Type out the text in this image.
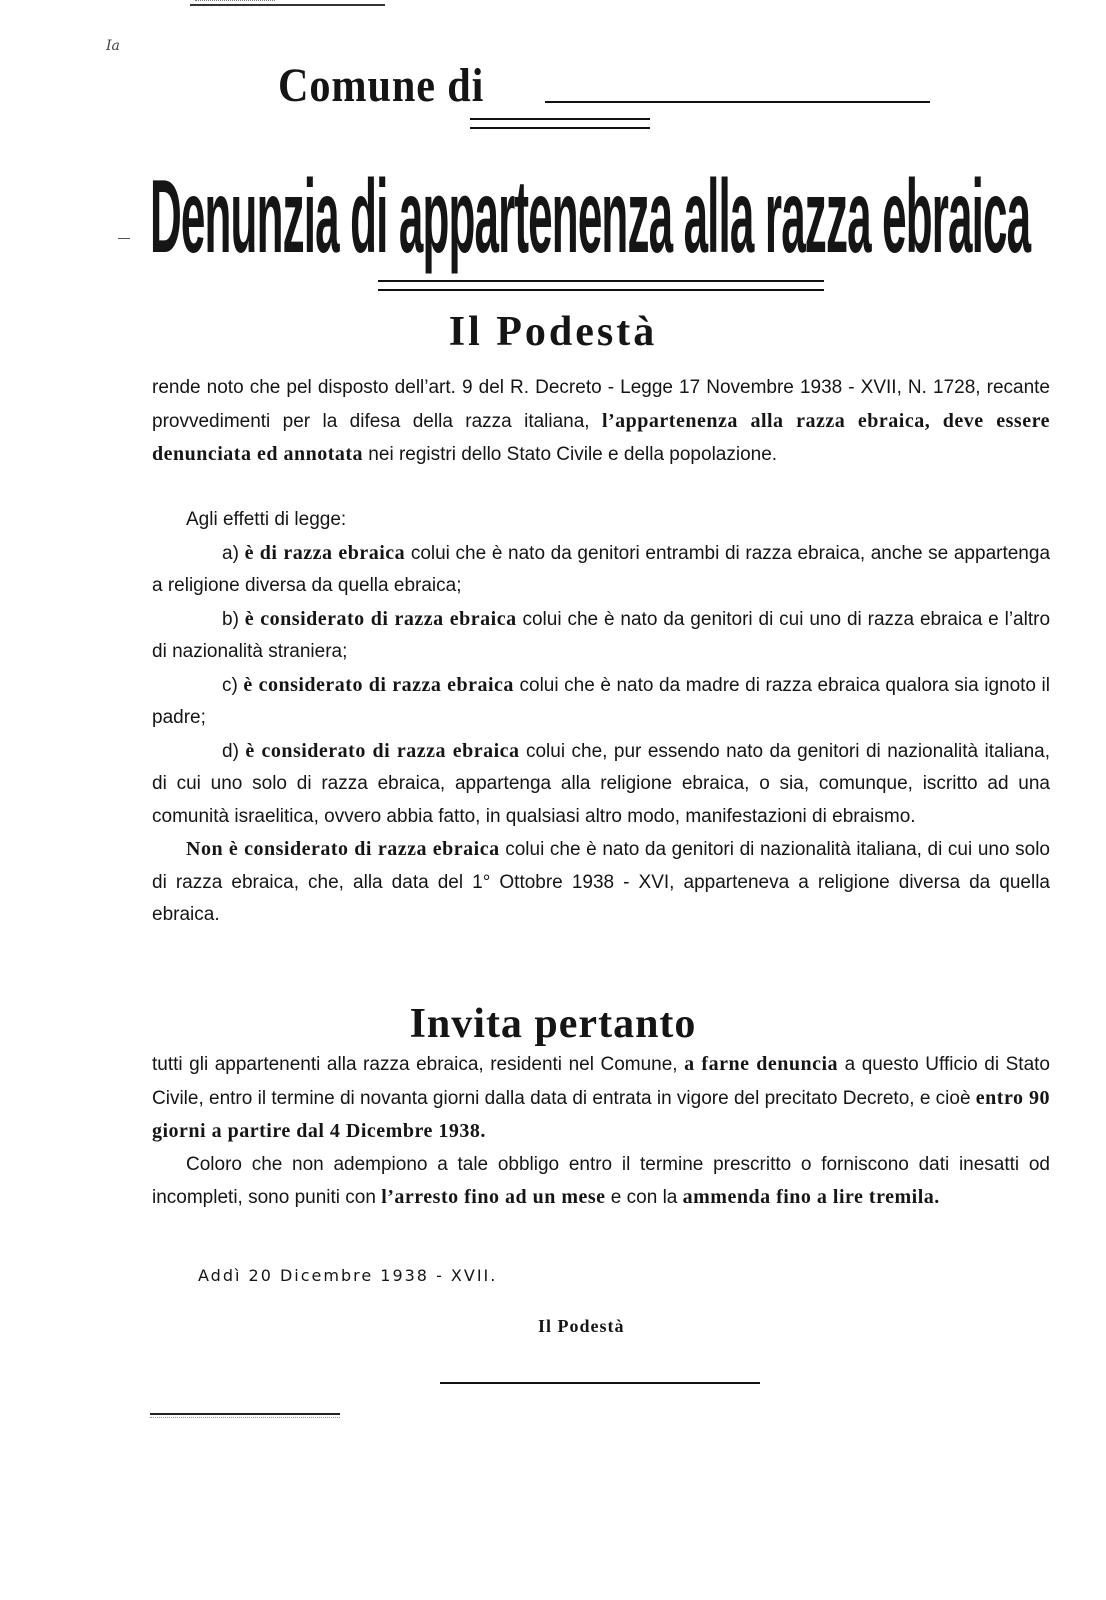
Ia
Comune di
Denunzia di appartenenza alla razza ebraica
Il Podestà

rende noto che pel disposto dell’art. 9 del R. Decreto - Legge 17 Novembre 1938 - XVII, N. 1728, recante provvedimenti per la difesa della razza italiana, l’appartenenza alla razza ebraica, deve essere denunciata ed annotata nei registri dello Stato Civile e della popolazione.

Agli effetti di legge:

a) è di razza ebraica colui che è nato da genitori entrambi di razza ebraica, anche se appartenga a religione diversa da quella ebraica;

b) è considerato di razza ebraica colui che è nato da genitori di cui uno di razza ebraica e l’altro di nazionalità straniera;

c) è considerato di razza ebraica colui che è nato da madre di razza ebraica qualora sia ignoto il padre;

d) è considerato di razza ebraica colui che, pur essendo nato da genitori di nazionalità italiana, di cui uno solo di razza ebraica, appartenga alla religione ebraica, o sia, comunque, iscritto ad una comunità israelitica, ovvero abbia fatto, in qualsiasi altro modo, manifestazioni di ebraismo.

Non è considerato di razza ebraica colui che è nato da genitori di nazionalità italiana, di cui uno solo di razza ebraica, che, alla data del 1° Ottobre 1938 - XVI, apparteneva a religione diversa da quella ebraica.

Invita pertanto

tutti gli appartenenti alla razza ebraica, residenti nel Comune, a farne denuncia a questo Ufficio di Stato Civile, entro il termine di novanta giorni dalla data di entrata in vigore del precitato Decreto, e cioè entro 90 giorni a partire dal 4 Dicembre 1938.

Coloro che non adempiono a tale obbligo entro il termine prescritto o forniscono dati inesatti od incompleti, sono puniti con l’arresto fino ad un mese e con la ammenda fino a lire tremila.

Addì 20 Dicembre 1938 - XVII.
Il Podestà
